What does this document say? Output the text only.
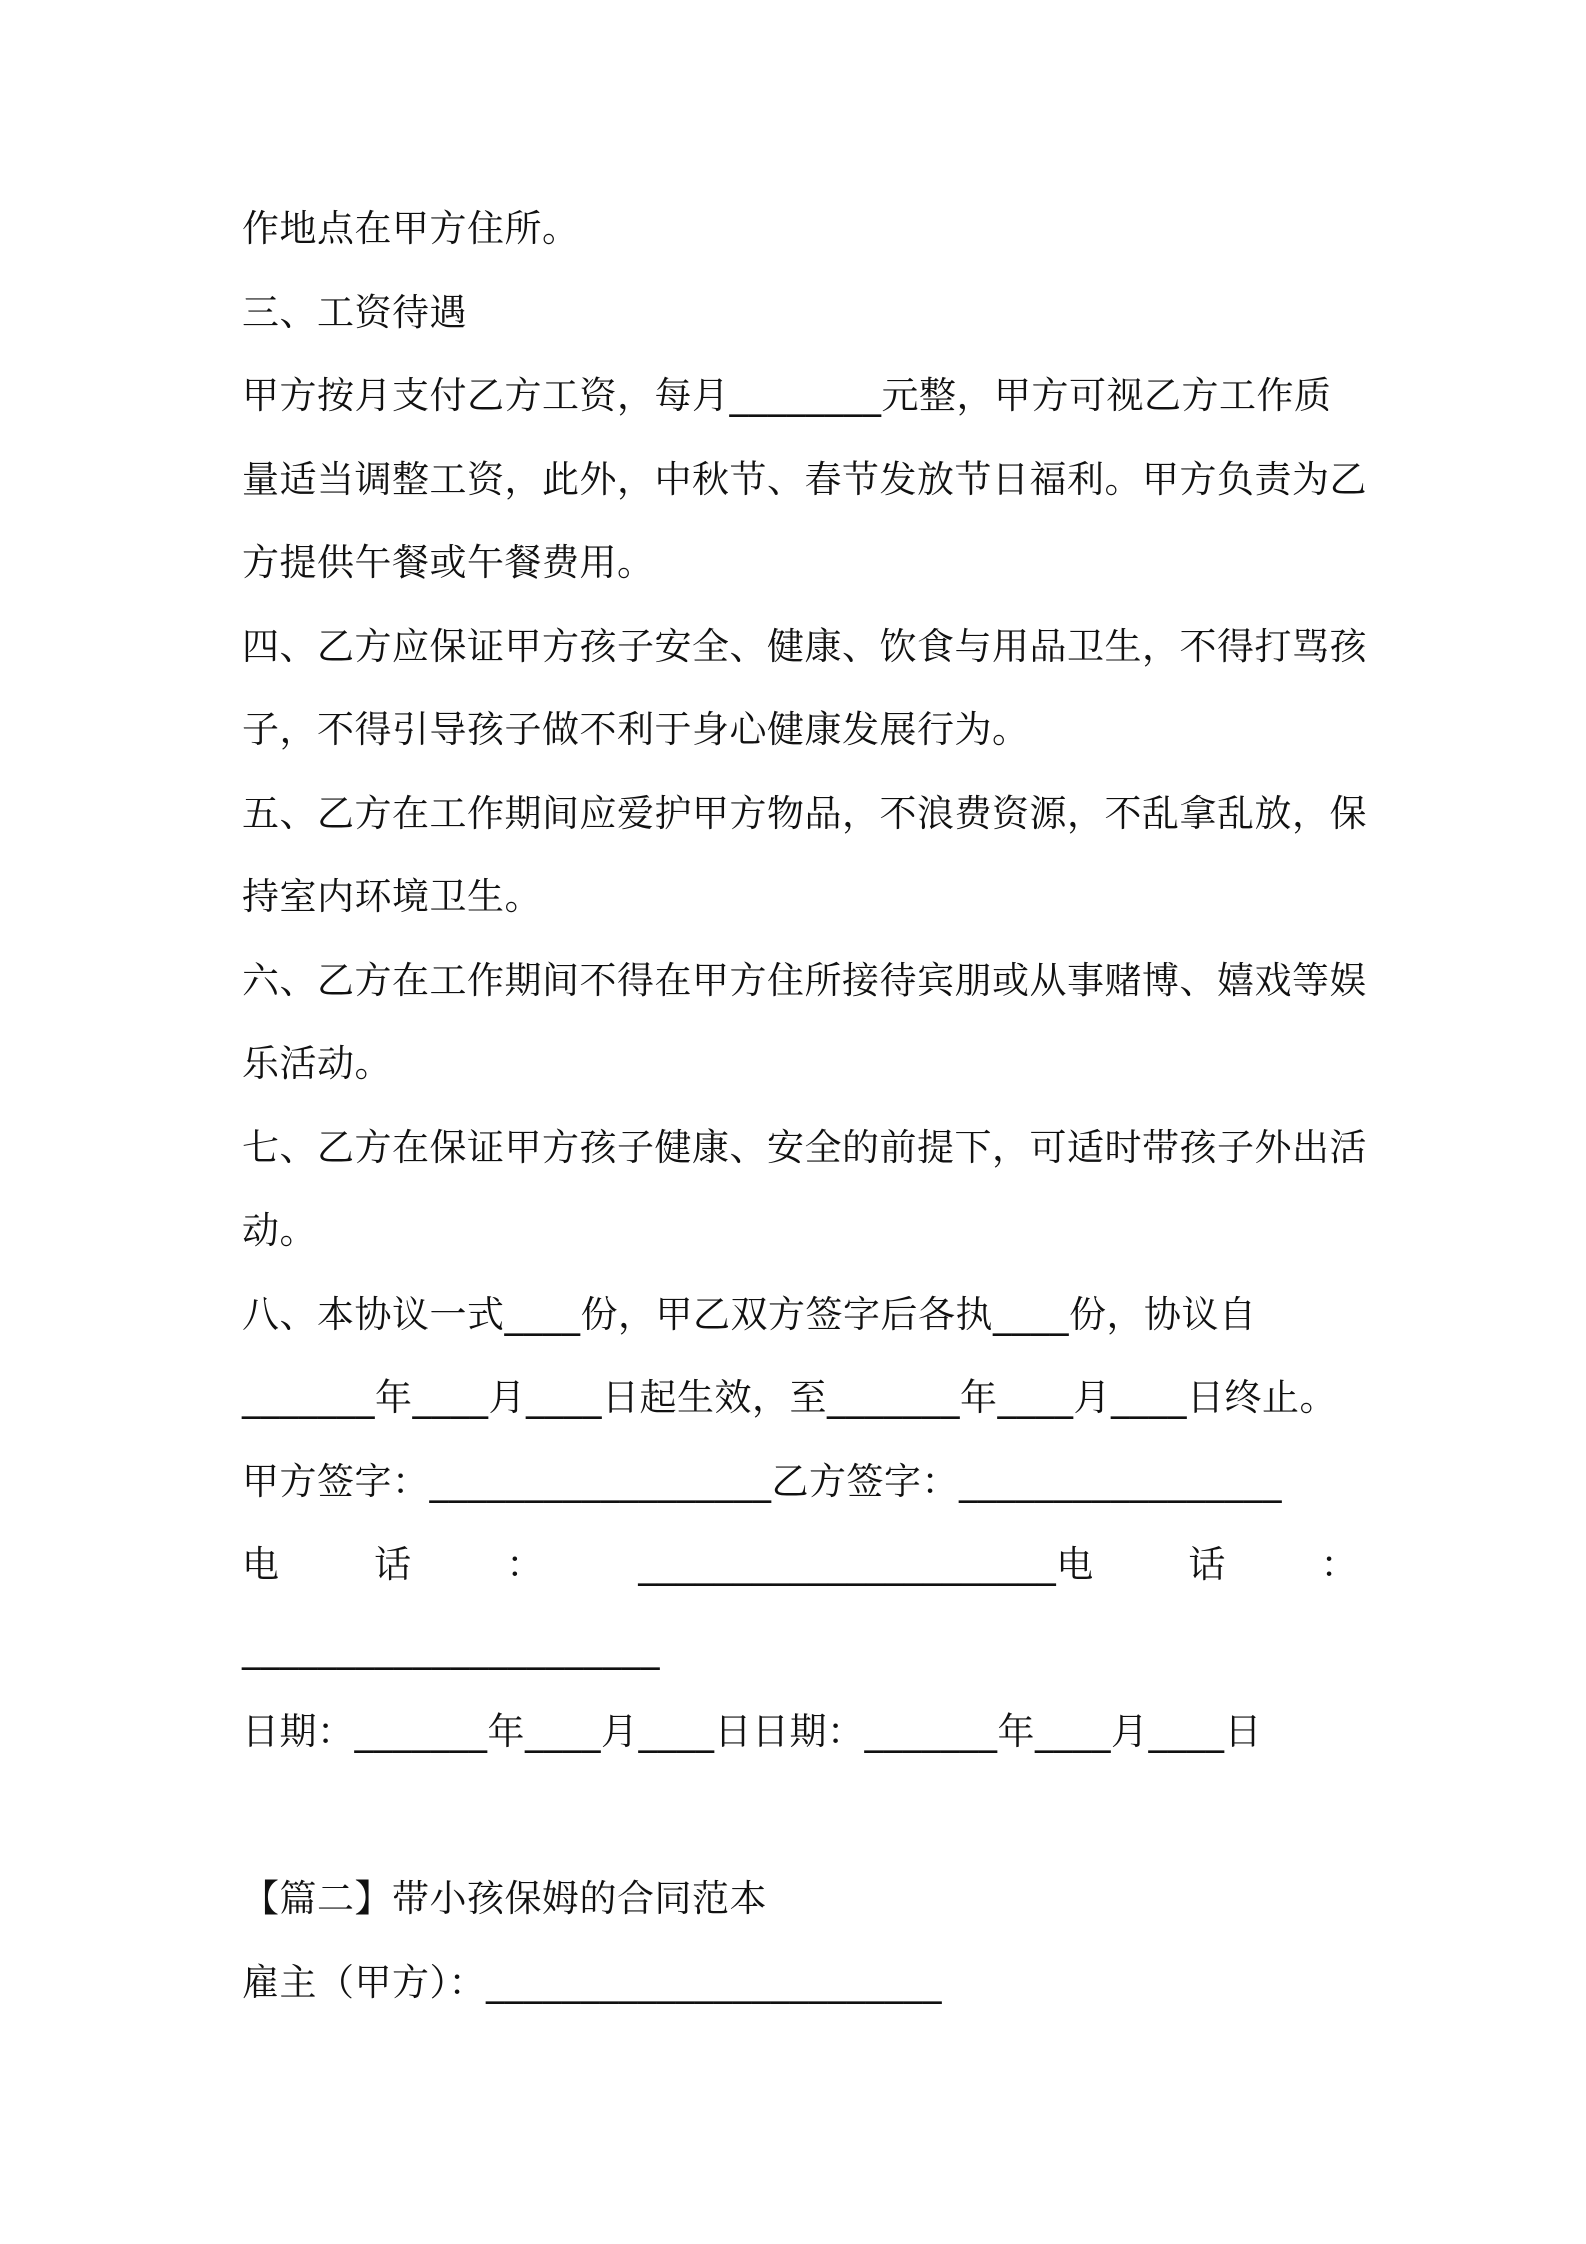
作地点在甲方住所。
三、工资待遇
甲方按月支付乙方工资，每月________元整，甲方可视乙方工作质
量适当调整工资，此外，中秋节、春节发放节日福利。甲方负责为乙
方提供午餐或午餐费用。
四、乙方应保证甲方孩子安全、健康、饮食与用品卫生，不得打骂孩
子，不得引导孩子做不利于身心健康发展行为。
五、乙方在工作期间应爱护甲方物品，不浪费资源，不乱拿乱放，保
持室内环境卫生。
六、乙方在工作期间不得在甲方住所接待宾朋或从事赌博、嬉戏等娱
乐活动。
七、乙方在保证甲方孩子健康、安全的前提下，可适时带孩子外出活
动。
八、本协议一式____份，甲乙双方签字后各执____份，协议自
_______年____月____日起生效，至_______年____月____日终止。
甲方签字：__________________乙方签字：_________________
电	话	：	______________________电	话	：
______________________
日期：_______年____月____日日期：_______年____月____日
【篇二】带小孩保姆的合同范本
雇主（甲方）：________________________
